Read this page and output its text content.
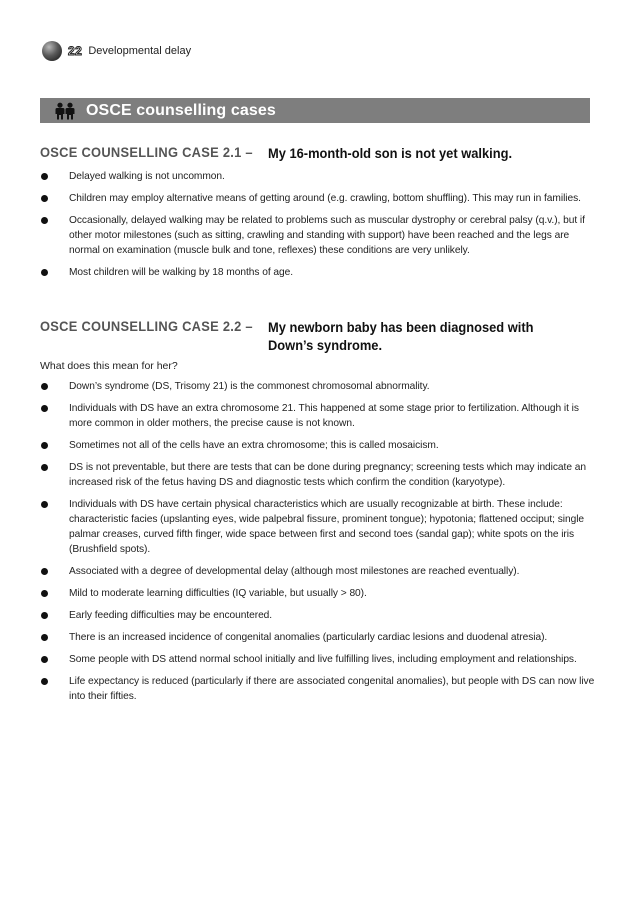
22 Developmental delay
OSCE counselling cases
OSCE COUNSELLING CASE 2.1 – My 16-month-old son is not yet walking.
Delayed walking is not uncommon.
Children may employ alternative means of getting around (e.g. crawling, bottom shuffling). This may run in families.
Occasionally, delayed walking may be related to problems such as muscular dystrophy or cerebral palsy (q.v.), but if other motor milestones (such as sitting, crawling and standing with support) have been reached and the legs are normal on examination (muscle bulk and tone, reflexes) these conditions are very unlikely.
Most children will be walking by 18 months of age.
OSCE COUNSELLING CASE 2.2 – My newborn baby has been diagnosed with Down’s syndrome.

What does this mean for her?

Down’s syndrome (DS, Trisomy 21) is the commonest chromosomal abnormality.
Individuals with DS have an extra chromosome 21. This happened at some stage prior to fertilization. Although it is more common in older mothers, the precise cause is not known.
Sometimes not all of the cells have an extra chromosome; this is called mosaicism.
DS is not preventable, but there are tests that can be done during pregnancy; screening tests which may indicate an increased risk of the fetus having DS and diagnostic tests which confirm the condition (karyotype).
Individuals with DS have certain physical characteristics which are usually recognizable at birth. These include: characteristic facies (upslanting eyes, wide palpebral fissure, prominent tongue); hypotonia; flattened occiput; single palmar creases, curved fifth finger, wide space between first and second toes (sandal gap); white spots on the iris (Brushfield spots).
Associated with a degree of developmental delay (although most milestones are reached eventually).
Mild to moderate learning difficulties (IQ variable, but usually > 80).
Early feeding difficulties may be encountered.
There is an increased incidence of congenital anomalies (particularly cardiac lesions and duodenal atresia).
Some people with DS attend normal school initially and live fulfilling lives, including employment and relationships.
Life expectancy is reduced (particularly if there are associated congenital anomalies), but people with DS can now live into their fifties.
